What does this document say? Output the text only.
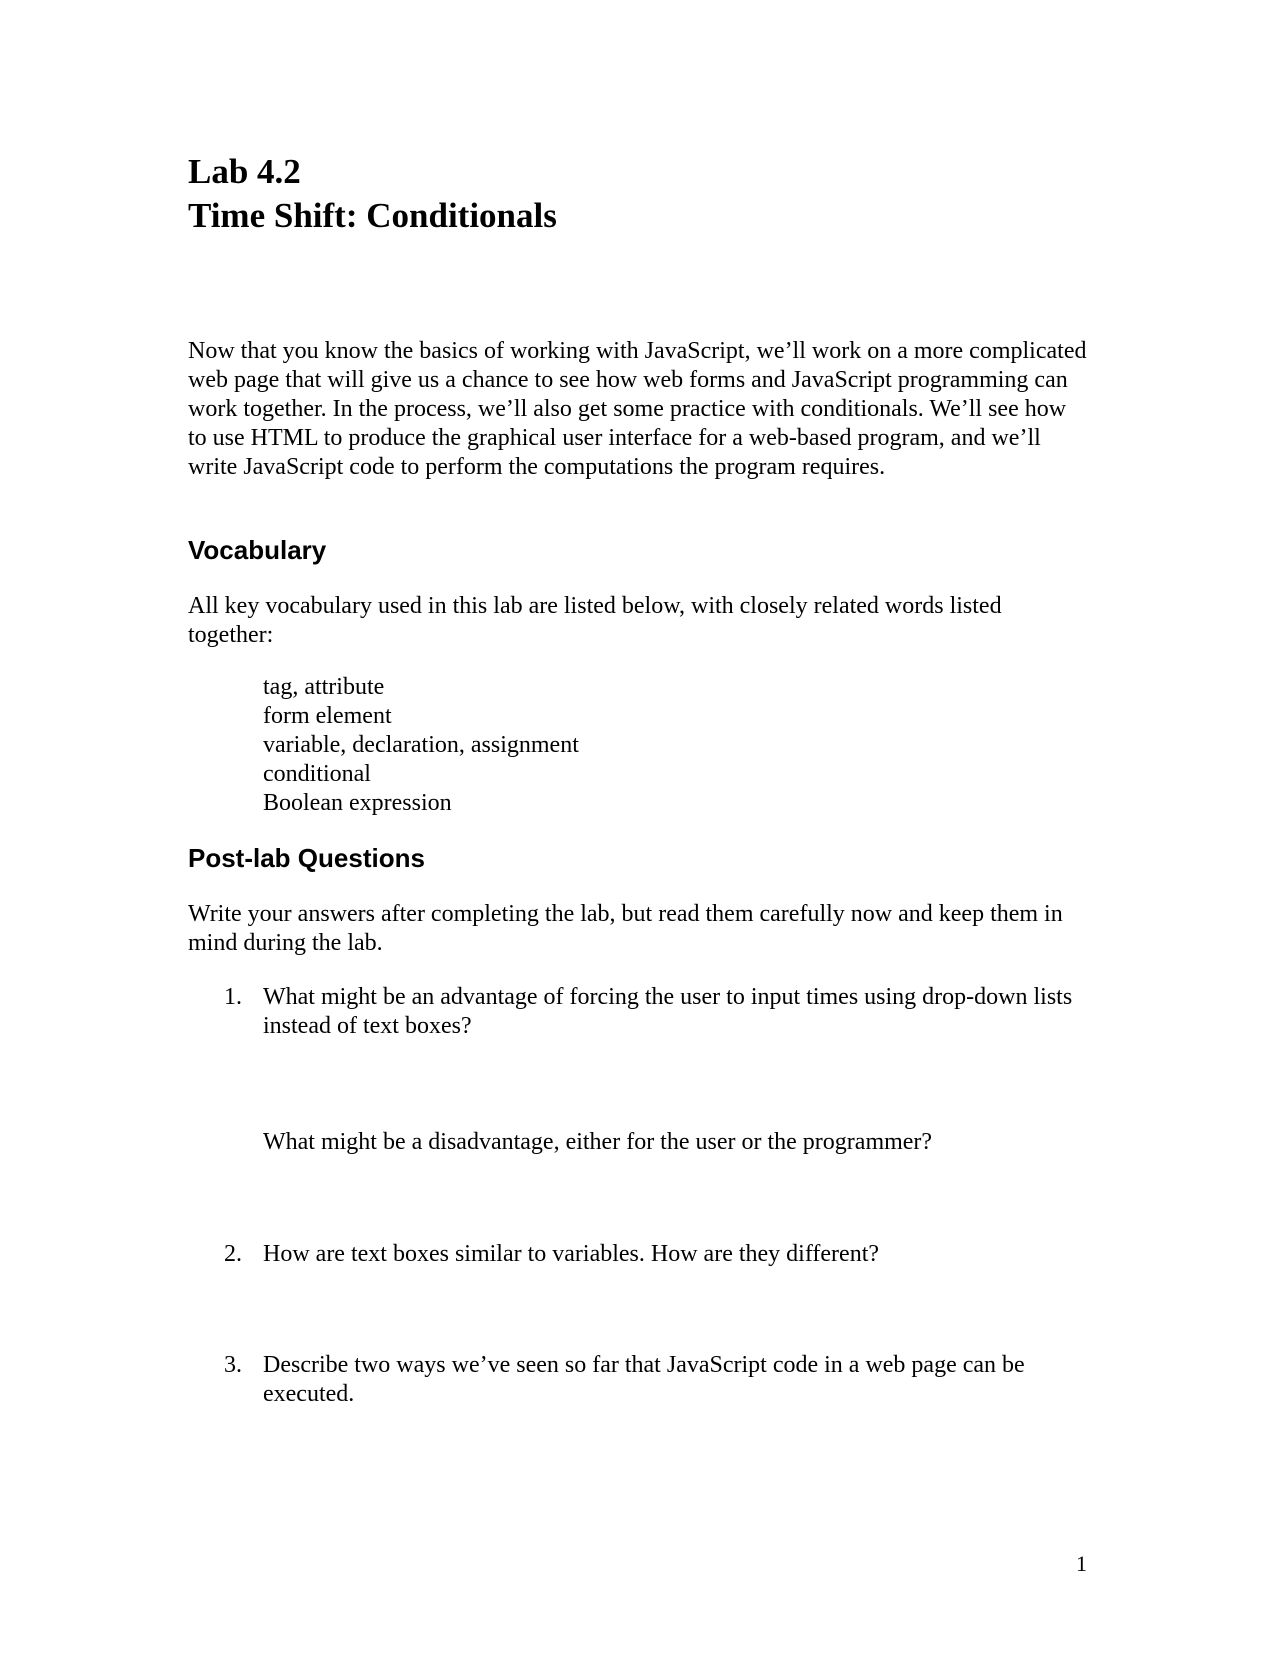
Lab 4.2
Time Shift: Conditionals

Now that you know the basics of working with JavaScript, we’ll work on a more complicated web page that will give us a chance to see how web forms and JavaScript programming can work together. In the process, we’ll also get some practice with conditionals. We’ll see how to use HTML to produce the graphical user interface for a web-based program, and we’ll write JavaScript code to perform the computations the program requires.

Vocabulary

All key vocabulary used in this lab are listed below, with closely related words listed together:

tag, attribute
form element
variable, declaration, assignment
conditional
Boolean expression
Post-lab Questions

Write your answers after completing the lab, but read them carefully now and keep them in mind during the lab.

1. What might be an advantage of forcing the user to input times using drop-down lists instead of text boxes?

What might be a disadvantage, either for the user or the programmer?

2. How are text boxes similar to variables. How are they different?

3. Describe two ways we’ve seen so far that JavaScript code in a web page can be executed.

1
